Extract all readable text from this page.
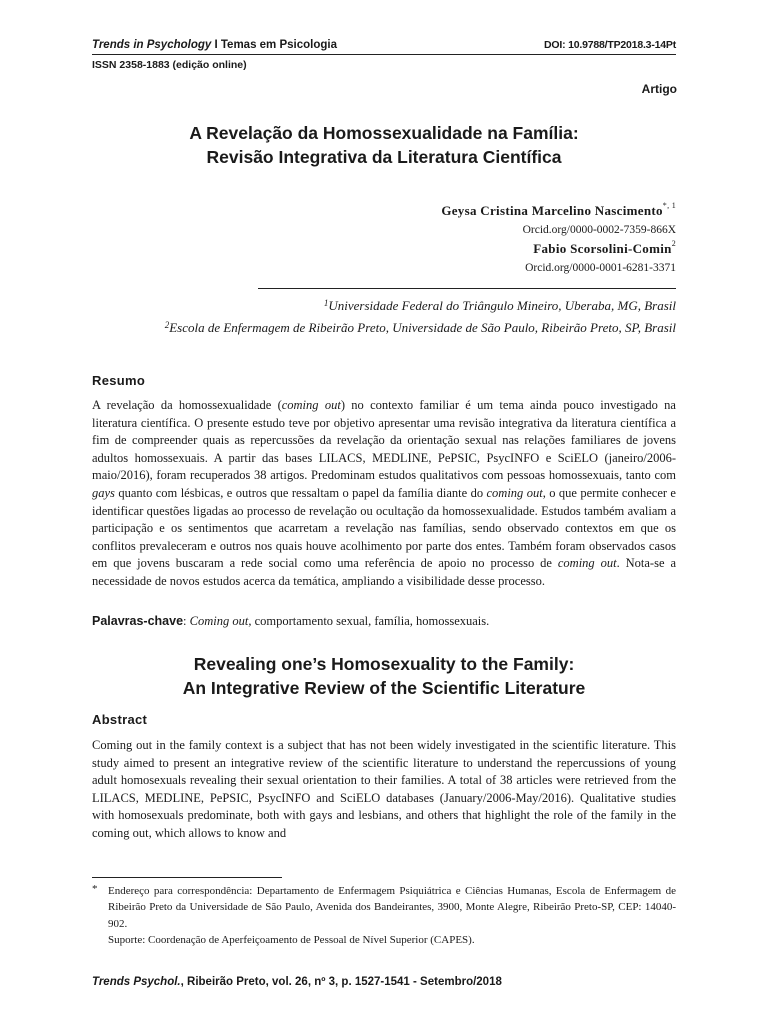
Trends in Psychology I Temas em Psicologia	DOI: 10.9788/TP2018.3-14Pt
ISSN 2358-1883 (edição online)
Artigo
A Revelação da Homossexualidade na Família:
Revisão Integrativa da Literatura Científica
Geysa Cristina Marcelino Nascimento$^{*, 1}$
Orcid.org/0000-0002-7359-866X
Fabio Scorsolini-Comin$^2$
Orcid.org/0000-0001-6281-3371
$^1$Universidade Federal do Triângulo Mineiro, Uberaba, MG, Brasil
$^2$Escola de Enfermagem de Ribeirão Preto, Universidade de São Paulo, Ribeirão Preto, SP, Brasil
Resumo
A revelação da homossexualidade (coming out) no contexto familiar é um tema ainda pouco investigado na literatura científica. O presente estudo teve por objetivo apresentar uma revisão integrativa da literatura científica a fim de compreender quais as repercussões da revelação da orientação sexual nas relações familiares de jovens adultos homossexuais. A partir das bases LILACS, MEDLINE, PePSIC, PsycINFO e SciELO (janeiro/2006-maio/2016), foram recuperados 38 artigos. Predominam estudos qualitativos com pessoas homossexuais, tanto com gays quanto com lésbicas, e outros que ressaltam o papel da família diante do coming out, o que permite conhecer e identificar questões ligadas ao processo de revelação ou ocultação da homossexualidade. Estudos também avaliam a participação e os sentimentos que acarretam a revelação nas famílias, sendo observado contextos em que os conflitos prevaleceram e outros nos quais houve acolhimento por parte dos entes. Também foram observados casos em que jovens buscaram a rede social como uma referência de apoio no processo de coming out. Nota-se a necessidade de novos estudos acerca da temática, ampliando a visibilidade desse processo.
Palavras-chave: Coming out, comportamento sexual, família, homossexuais.
Revealing one’s Homosexuality to the Family:
An Integrative Review of the Scientific Literature
Abstract
Coming out in the family context is a subject that has not been widely investigated in the scientific literature. This study aimed to present an integrative review of the scientific literature to understand the repercussions of young adult homosexuals revealing their sexual orientation to their families. A total of 38 articles were retrieved from the LILACS, MEDLINE, PePSIC, PsycINFO and SciELO databases (January/2006-May/2016). Qualitative studies with homosexuals predominate, both with gays and lesbians, and others that highlight the role of the family in the coming out, which allows to know and
* Endereço para correspondência: Departamento de Enfermagem Psiquiátrica e Ciências Humanas, Escola de Enfermagem de Ribeirão Preto da Universidade de São Paulo, Avenida dos Bandeirantes, 3900, Monte Alegre, Ribeirão Preto-SP, CEP: 14040-902.
Suporte: Coordenação de Aperfeiçoamento de Pessoal de Nível Superior (CAPES).
Trends Psychol., Ribeirão Preto, vol. 26, nº 3, p. 1527-1541 - Setembro/2018
